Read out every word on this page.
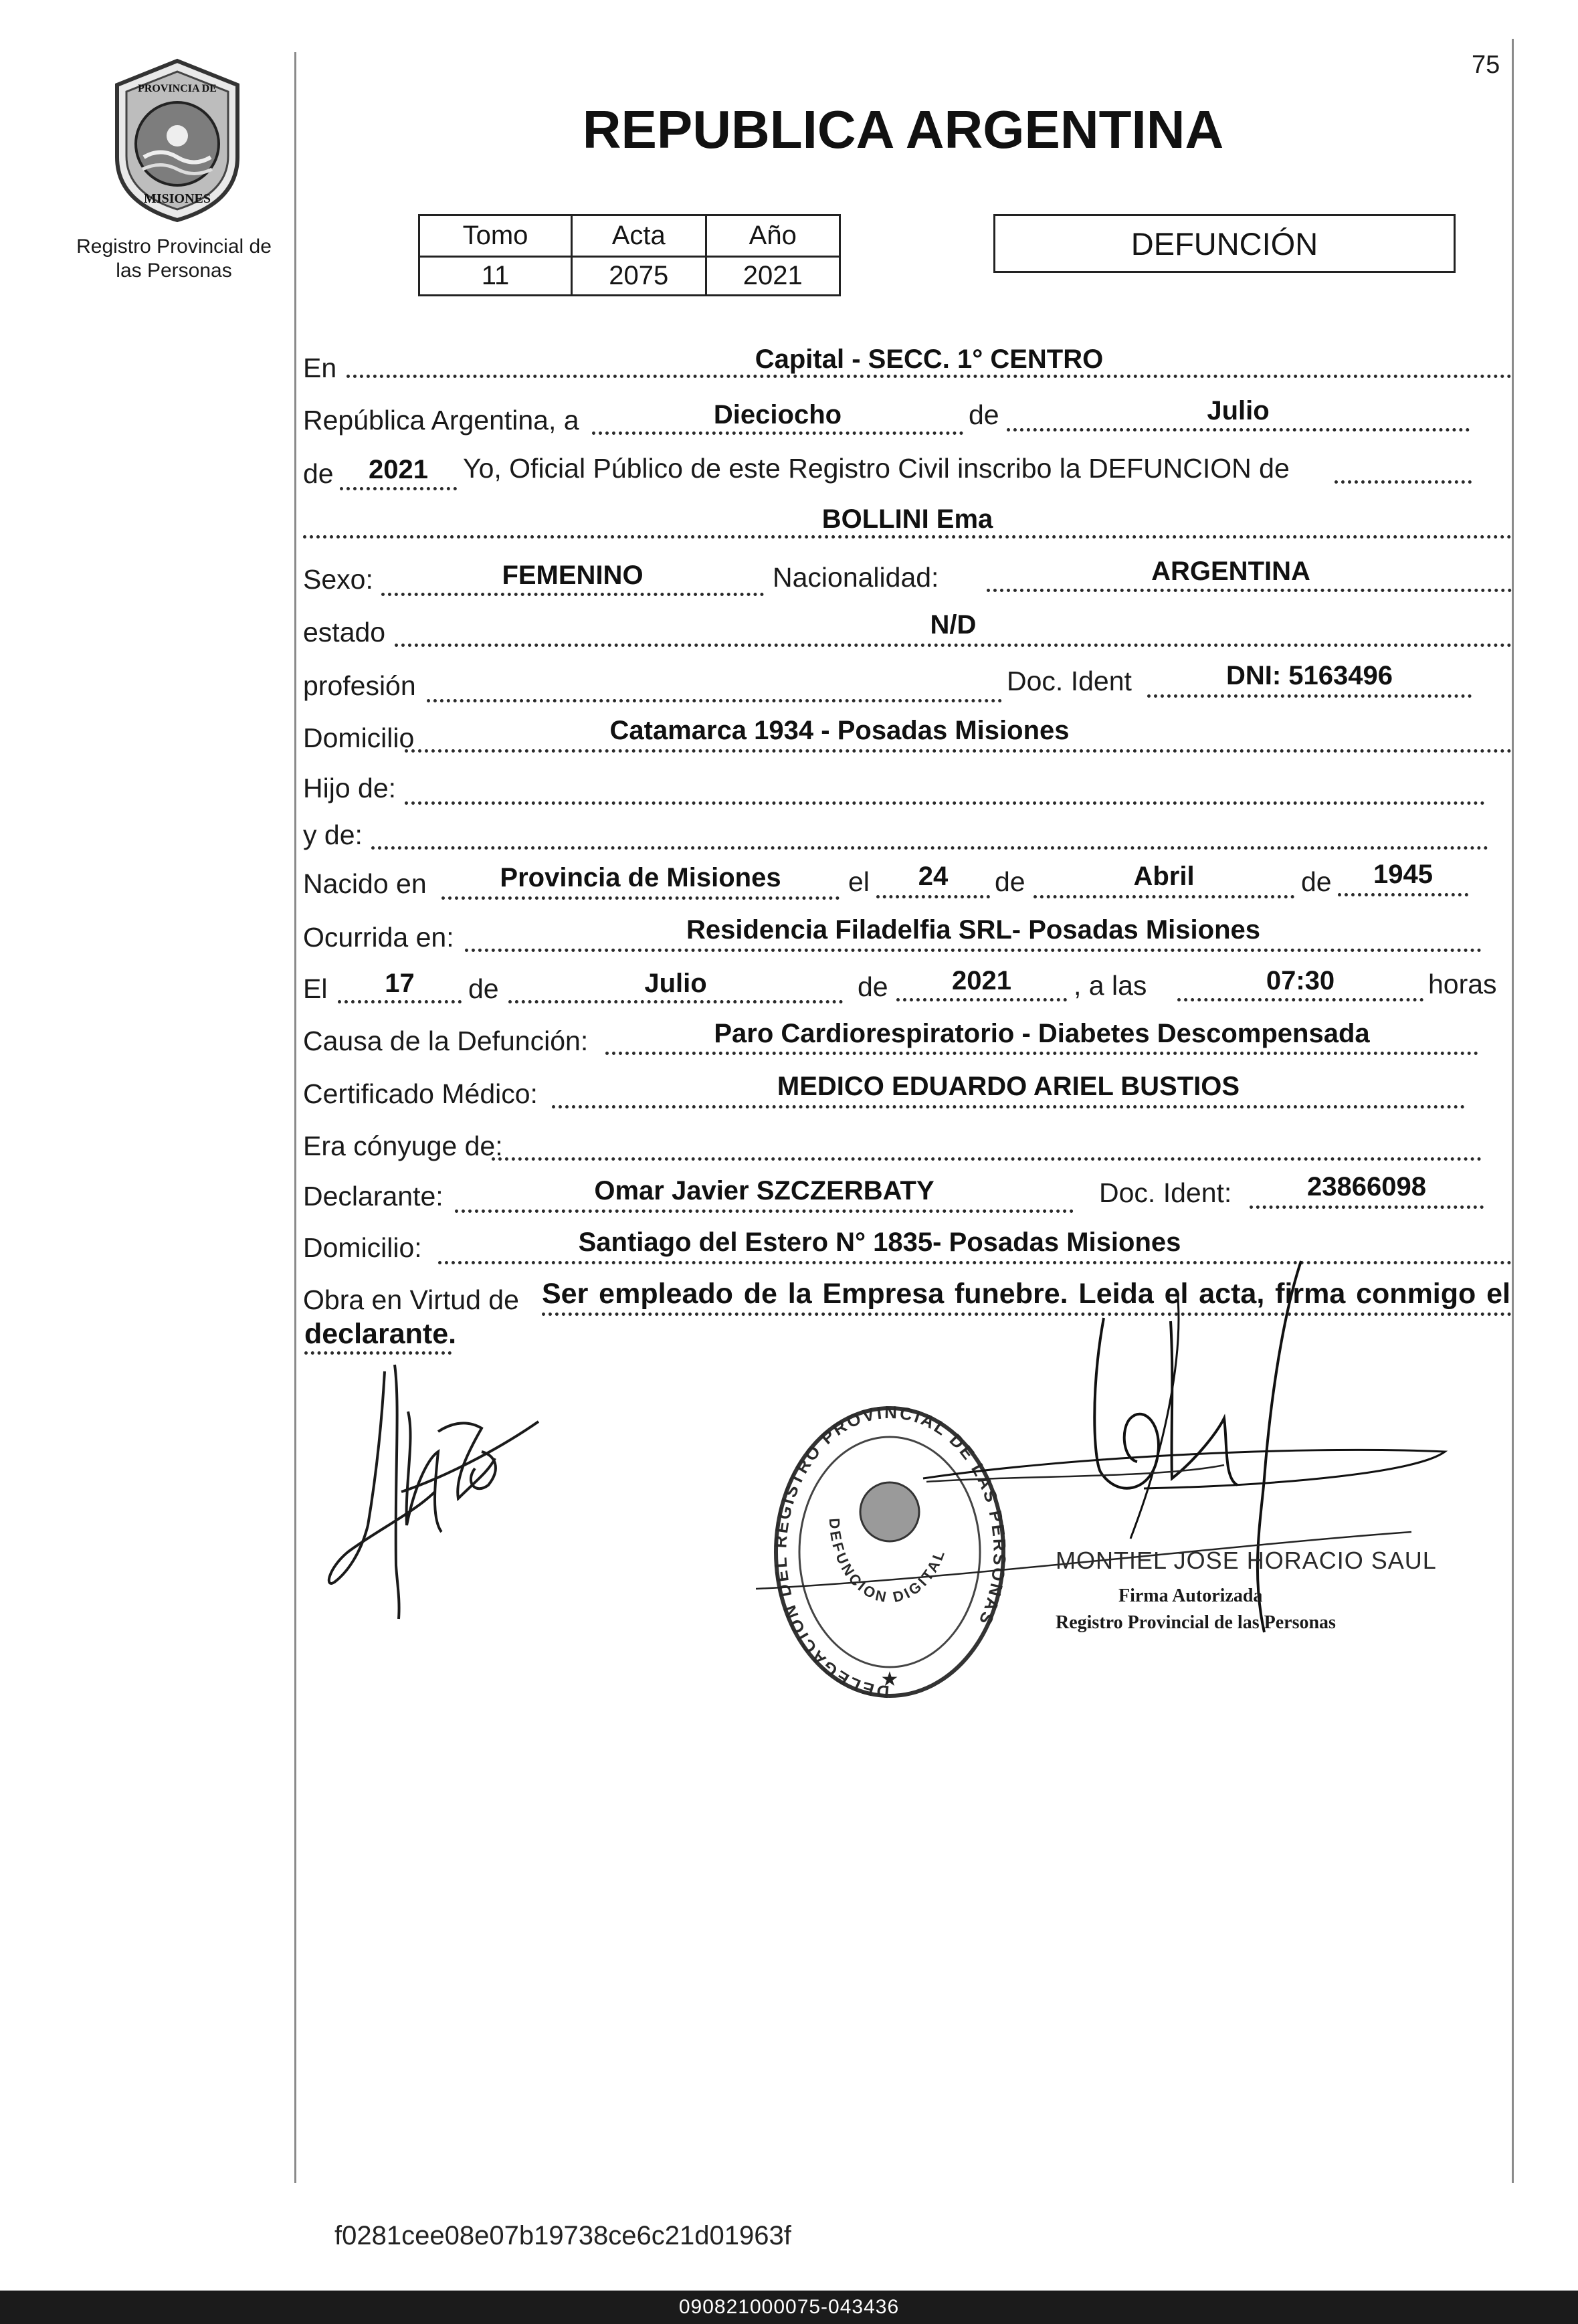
75
PROVINCIA DE
MISIONES
Registro Provincial de
las Personas
REPUBLICA ARGENTINA
Tomo	Acta	Año
11	2075	2021
DEFUNCIÓN
En	Capital - SECC. 1° CENTRO
República Argentina, a	Dieciocho	de	Julio
de	2021	Yo, Oficial Público de este Registro Civil inscribo la DEFUNCION de
BOLLINI Ema
Sexo:	FEMENINO	Nacionalidad:	ARGENTINA
estado	N/D
profesión	Doc. Ident	DNI: 5163496
Domicilio	Catamarca 1934 - Posadas Misiones
Hijo de:
y de:
Nacido en	Provincia de Misiones	el	24	de	Abril	de	1945
Ocurrida en:	Residencia Filadelfia SRL- Posadas Misiones
El	17	de	Julio	de	2021	, a las	07:30	horas
Causa de la Defunción:	Paro Cardiorespiratorio - Diabetes Descompensada
Certificado Médico:	MEDICO EDUARDO ARIEL BUSTIOS
Era cónyuge de:
Declarante:	Omar Javier SZCZERBATY	Doc. Ident:	23866098
Domicilio:	Santiago del Estero N° 1835- Posadas Misiones
Obra en Virtud de Ser empleado de la Empresa funebre. Leida el acta, firma conmigo el
declarante.
DELEGACION DEL REGISTRO PROVINCIAL DE LAS PERSONAS
DEFUNCION DIGITAL
★
MONTIEL JOSE HORACIO SAUL
Firma Autorizada
Registro Provincial de las Personas
f0281cee08e07b19738ce6c21d01963f
090821000075-043436
